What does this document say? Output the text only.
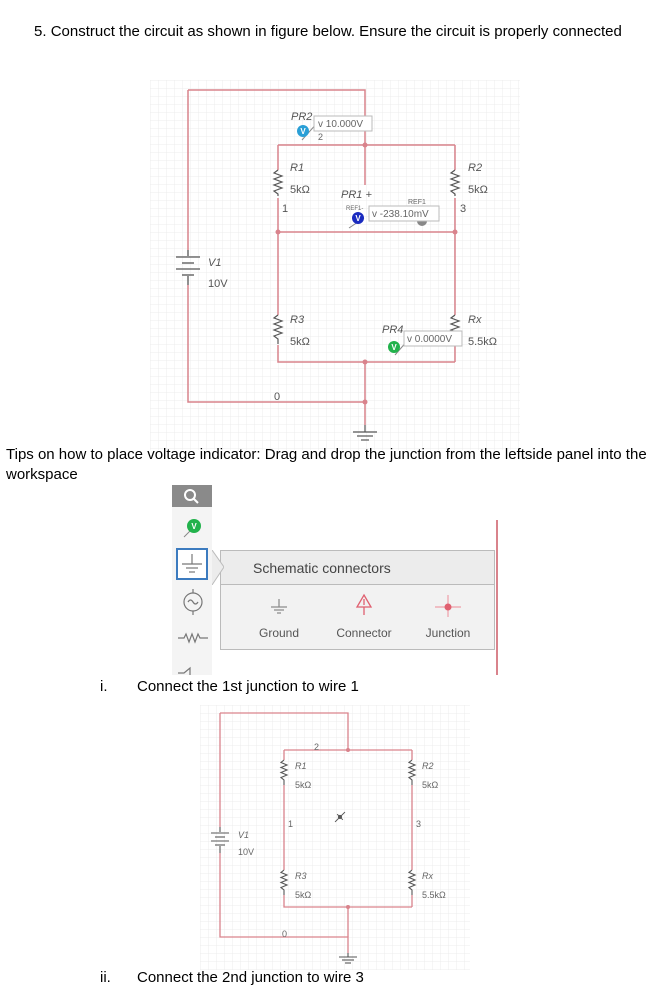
5. Construct the circuit as shown in figure below. Ensure the circuit is properly connected
V1
10V
R1
5kΩ
1
R2
5kΩ
3
R3
5kΩ
Rx
5.5kΩ
0
PR2
V
v 10.000V
2
PR1 +
REF1-
REF1
V v -238.10mV
PR4
V
v 0.0000V
Tips on how to place voltage indicator: Drag and drop the junction from the leftside panel into the workspace
V
Schematic connectors
Ground	Connector	Junction
i. Connect the 1st junction to wire 1
2
R1
5kΩ
1
R2
5kΩ
3
V1
10V
R3
5kΩ
Rx
5.5kΩ
0
ii. Connect the 2nd junction to wire 3
